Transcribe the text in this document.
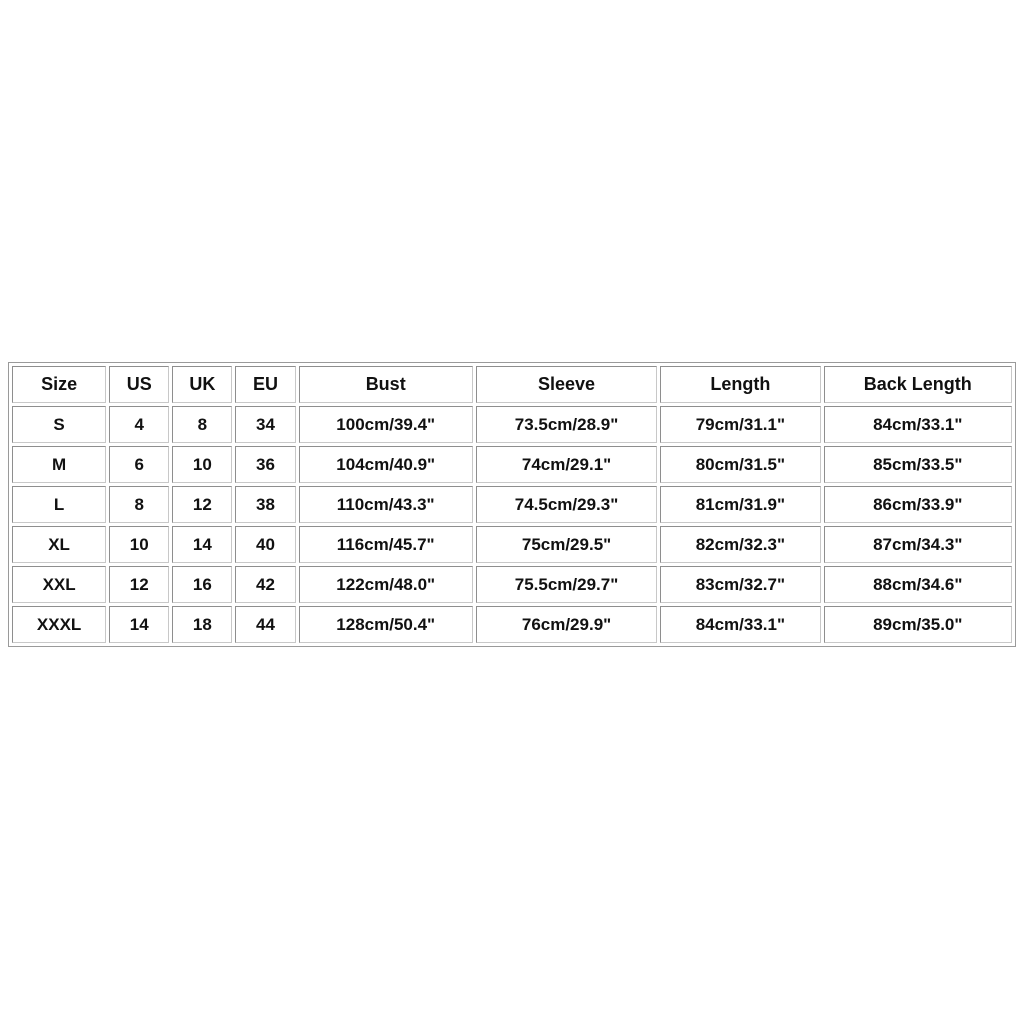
Size	US	UK	EU	Bust	Sleeve	Length	Back Length
S	4	8	34	100cm/39.4"	73.5cm/28.9"	79cm/31.1"	84cm/33.1"
M	6	10	36	104cm/40.9"	74cm/29.1"	80cm/31.5"	85cm/33.5"
L	8	12	38	110cm/43.3"	74.5cm/29.3"	81cm/31.9"	86cm/33.9"
XL	10	14	40	116cm/45.7"	75cm/29.5"	82cm/32.3"	87cm/34.3"
XXL	12	16	42	122cm/48.0"	75.5cm/29.7"	83cm/32.7"	88cm/34.6"
XXXL	14	18	44	128cm/50.4"	76cm/29.9"	84cm/33.1"	89cm/35.0"
